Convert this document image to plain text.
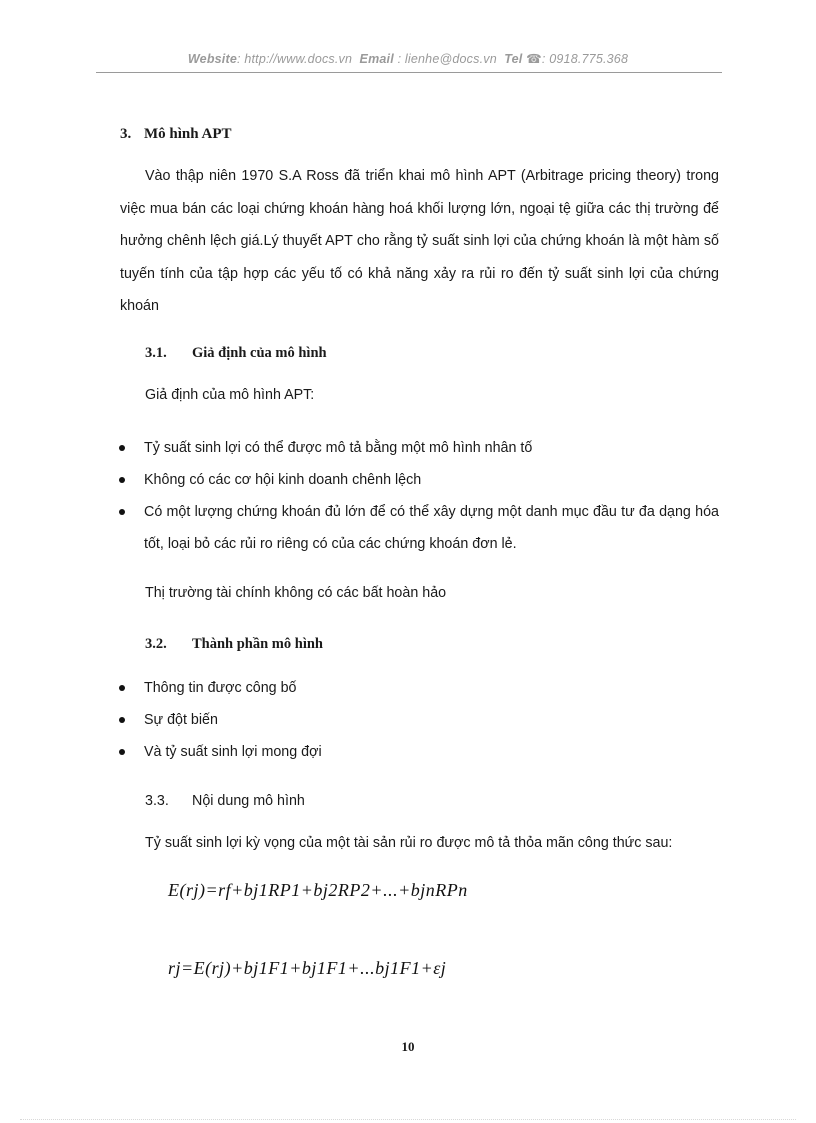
Website: http://www.docs.vn Email : lienhe@docs.vn Tel ☎: 0918.775.368
3. Mô hình APT
Vào thập niên 1970 S.A Ross đã triển khai mô hình APT (Arbitrage pricing theory) trong việc mua bán các loại chứng khoán hàng hoá khối lượng lớn, ngoại tệ giữa các thị trường để hưởng chênh lệch giá.Lý thuyết APT cho rằng tỷ suất sinh lợi của chứng khoán là một hàm số tuyến tính của tập hợp các yếu tố có khả năng xảy ra rủi ro đến tỷ suất sinh lợi của chứng khoán
3.1. Giả định của mô hình
Giả định của mô hình APT:
Tỷ suất sinh lợi có thể được mô tả bằng một mô hình nhân tố
Không có các cơ hội kinh doanh chênh lệch
Có một lượng chứng khoán đủ lớn để có thể xây dựng một danh mục đầu tư đa dạng hóa tốt, loại bỏ các rủi ro riêng có của các chứng khoán đơn lẻ.
Thị trường tài chính không có các bất hoàn hảo
3.2. Thành phần mô hình
Thông tin được công bố
Sự đột biến
Và tỷ suất sinh lợi mong đợi
3.3. Nội dung mô hình
Tỷ suất sinh lợi kỳ vọng của một tài sản rủi ro được mô tả thỏa mãn công thức sau:
E(rj)=rf+bj1RP1+bj2RP2+...+bjnRPn
rj=E(rj)+bj1F1+bj1F1+...bj1F1+εj
10
